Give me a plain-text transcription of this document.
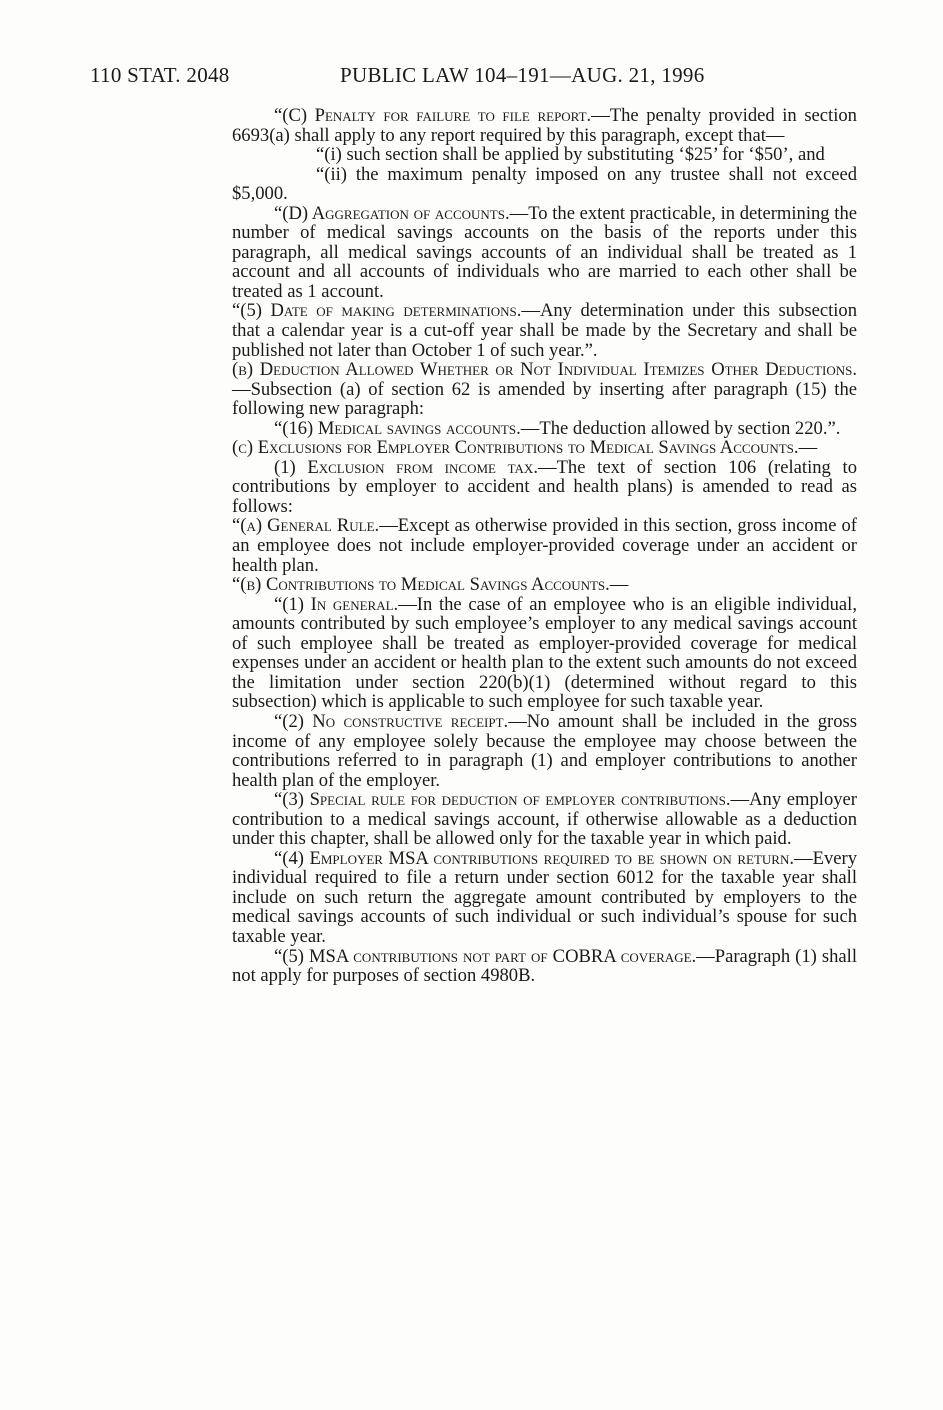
110 STAT. 2048	PUBLIC LAW 104–191—AUG. 21, 1996

“(C) Penalty for failure to file report.—The penalty provided in section 6693(a) shall apply to any report required by this paragraph, except that—

“(i) such section shall be applied by substituting ‘$25’ for ‘$50’, and

“(ii) the maximum penalty imposed on any trustee shall not exceed $5,000.

“(D) Aggregation of accounts.—To the extent practicable, in determining the number of medical savings accounts on the basis of the reports under this paragraph, all medical savings accounts of an individual shall be treated as 1 account and all accounts of individuals who are married to each other shall be treated as 1 account.

“(5) Date of making determinations.—Any determination under this subsection that a calendar year is a cut-off year shall be made by the Secretary and shall be published not later than October 1 of such year.”.

(b) Deduction Allowed Whether or Not Individual Itemizes Other Deductions.—Subsection (a) of section 62 is amended by inserting after paragraph (15) the following new paragraph:

“(16) Medical savings accounts.—The deduction allowed by section 220.”.

(c) Exclusions for Employer Contributions to Medical Savings Accounts.—

(1) Exclusion from income tax.—The text of section 106 (relating to contributions by employer to accident and health plans) is amended to read as follows:

“(a) General Rule.—Except as otherwise provided in this section, gross income of an employee does not include employer-provided coverage under an accident or health plan.

“(b) Contributions to Medical Savings Accounts.—

“(1) In general.—In the case of an employee who is an eligible individual, amounts contributed by such employee’s employer to any medical savings account of such employee shall be treated as employer-provided coverage for medical expenses under an accident or health plan to the extent such amounts do not exceed the limitation under section 220(b)(1) (determined without regard to this subsection) which is applicable to such employee for such taxable year.

“(2) No constructive receipt.—No amount shall be included in the gross income of any employee solely because the employee may choose between the contributions referred to in paragraph (1) and employer contributions to another health plan of the employer.

“(3) Special rule for deduction of employer contributions.—Any employer contribution to a medical savings account, if otherwise allowable as a deduction under this chapter, shall be allowed only for the taxable year in which paid.

“(4) Employer MSA contributions required to be shown on return.—Every individual required to file a return under section 6012 for the taxable year shall include on such return the aggregate amount contributed by employers to the medical savings accounts of such individual or such individual’s spouse for such taxable year.

“(5) MSA contributions not part of COBRA coverage.—Paragraph (1) shall not apply for purposes of section 4980B.
